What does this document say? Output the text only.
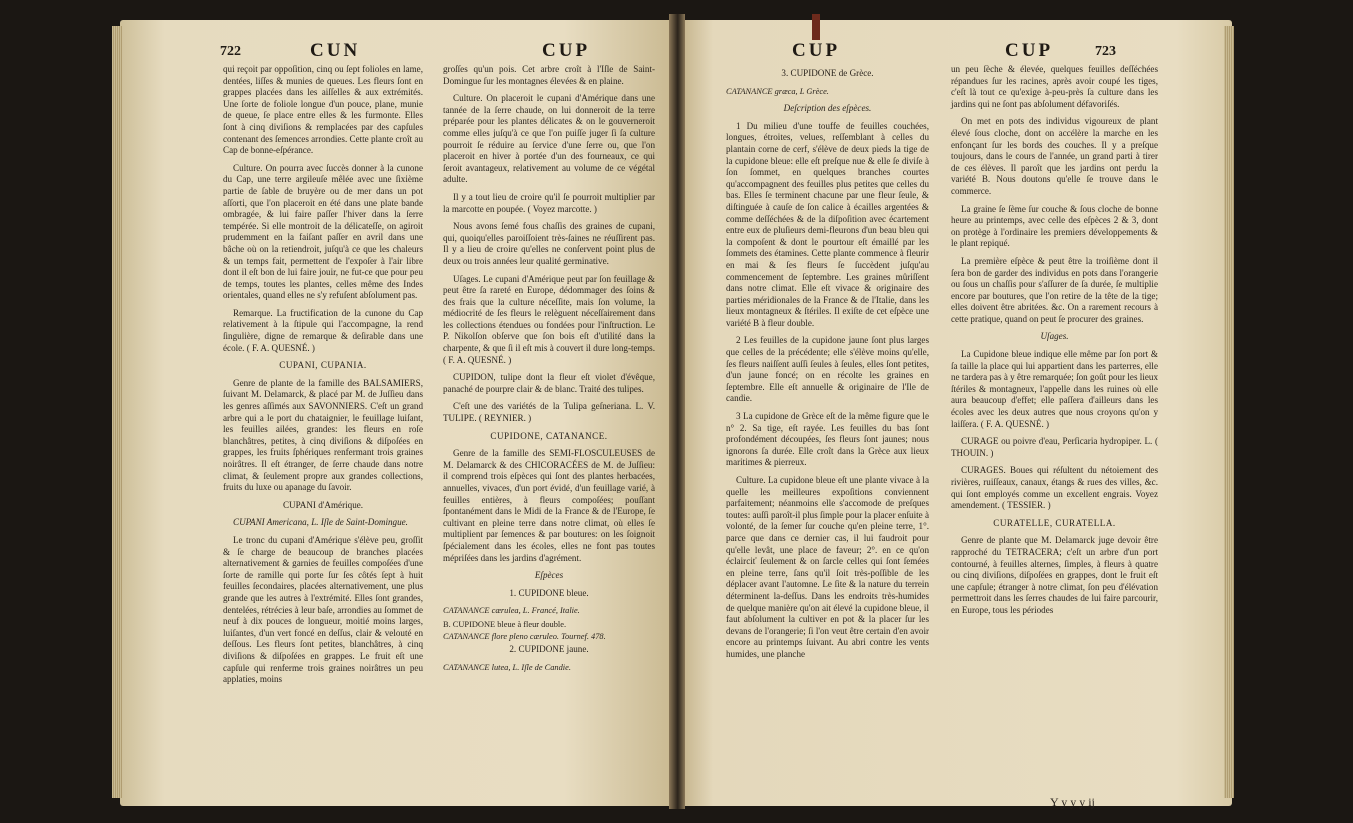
722	CUN	CUP

qui reçoit par oppoſition, cinq ou ſept folioles en lame, dentées, liſſes & munies de queues. Les fleurs ſont en grappes placées dans les aiſſelles & aux extrémités. Une ſorte de foliole longue d'un pouce, plane, munie de queue, ſe place entre elles & les furmonte. Elles ſont à cinq diviſions & remplacées par des capſules contenant des ſemences arrondies. Cette plante croît au Cap de bonne-eſpérance.

Culture. On pourra avec ſuccès donner à la cunone du Cap, une terre argileuſe mêlée avec une ſixième partie de ſable de bruyère ou de mer dans un pot aſſorti, que l'on placeroit en été dans une plate bande ombragée, & lui faire paſſer l'hiver dans la ſerre tempérée. Si elle montroit de la délicateſſe, on agiroit prudemment en la faiſant paſſer en avril dans une bâche où on la retiendroit, juſqu'à ce que les chaleurs & un temps fait, permettent de l'expoſer à l'air libre dont il eſt bon de lui faire jouir, ne fut-ce que pour peu de temps, toutes les plantes, celles même des Indes orientales, quand elles ne s'y refuſent abſolument pas.

Remarque. La fructification de la cunone du Cap relativement à la ſtipule qui l'accompagne, la rend ſingulière, digne de remarque & deſirable dans une école. ( F. A. QUESNÉ. )

CUPANI, CUPANIA.

Genre de plante de la famille des BALSAMIERS, ſuivant M. Delamarck, & placé par M. de Juſſieu dans les genres aſſimés aux SAVONNIERS. C'eſt un grand arbre qui a le port du chataignier, le feuillage luiſant, les feuilles ailées, grandes: les fleurs en roſe blanchâtres, petites, à cinq diviſions & diſpoſées en grappes, les fruits ſphériques renfermant trois graines noirâtres. Il eſt étranger, de ſerre chaude dans notre climat, & ſeulement propre aux grandes collections, fruits du luxe ou apanage du ſavoir.

CUPANI d'Amérique.

CUPANI Americana, L. Iſle de Saint-Domingue.

Le tronc du cupani d'Amérique s'élève peu, groſſit & ſe charge de beaucoup de branches placées alternativement & garnies de feuilles compoſées d'une ſorte de ramille qui porte ſur ſes côtés ſept à huit feuilles ſecondaires, placées alternativement, une plus grande que les autres à l'extrémité. Elles ſont grandes, dentelées, rétrécies à leur baſe, arrondies au ſommet de neuf à dix pouces de longueur, moitié moins larges, luiſantes, d'un vert foncé en deſſus, clair & velouté en deſſous. Les fleurs ſont petites, blanchâtres, à cinq diviſions & diſpoſées en grappes. Le fruit eſt une capſule qui renferme trois graines noirâtres un peu applaties, moins

groſſes qu'un pois. Cet arbre croît à l'Iſle de Saint-Domingue ſur les montagnes élevées & en plaine.

Culture. On placeroit le cupani d'Amérique dans une tannée de la ſerre chaude, on lui donneroit de la terre préparée pour les plantes délicates & on le gouverneroit comme elles juſqu'à ce que l'on puiſſe juger ſi ſa culture pourroit ſe réduire au ſervice d'une ſerre ou, que l'on placeroit en hiver à portée d'un des fourneaux, ce qui ſeroit avantageux, relativement au volume de ce végétal adulte.

Il y a tout lieu de croire qu'il ſe pourroit multiplier par la marcotte en poupée. ( Voyez marcotte. )

Nous avons ſemé fous chaſſis des graines de cupani, qui, quoiqu'elles paroiſſoient très-ſaines ne réuſſirent pas. Il y a lieu de croire qu'elles ne conſervent point plus de deux ou trois années leur qualité germinative.

Uſages. Le cupani d'Amérique peut par ſon feuillage & peut être ſa rareté en Europe, dédommager des ſoins & des frais que la culture néceſſite, mais ſon volume, la médiocrité de ſes fleurs le relèguent néceſſairement dans les collections étendues ou fondées pour l'inſtruction. Le P. Nikolſon obſerve que ſon bois eſt d'utilité dans la charpente, & que ſi il eſt mis à couvert il dure long-temps. ( F. A. QUESNÉ. )

CUPIDON, tulipe dont la fleur eſt violet d'évêque, panaché de pourpre clair & de blanc. Traité des tulipes.

C'eſt une des variétés de la Tulipa geſneriana. L. V. TULIPE. ( REYNIER. )

CUPIDONE, CATANANCE.

Genre de la famille des SEMI-FLOSCULEUSES de M. Delamarck & des CHICORACÉES de M. de Juſſieu: il comprend trois eſpèces qui ſont des plantes herbacées, annuelles, vivaces, d'un port évidé, d'un feuillage varié, à feuilles entières, à fleurs compoſées; pouſſant ſpontanément dans le Midi de la France & de l'Europe, ſe cultivant en pleine terre dans notre climat, où elles ſe multiplient par ſemences & par boutures: on les ſoignoit ſpécialement dans les écoles, elles ne font pas toutes mépriſées dans les jardins d'agrément.

Eſpèces
1. CUPIDONE bleue.
CATANANCE cærulea, L. Francé, Italie.
B. CUPIDONE bleue à fleur double.
CATANANCE flore pleno cæruleo. Tournef. 478.
2. CUPIDONE jaune.
CATANANCE lutea, L. Iſle de Candie.
CUP	CUP	723
3. CUPIDONE de Grèce.
CATANANCE græca, L Grèce.
Deſcription des eſpèces.

1 Du milieu d'une touffe de feuilles couchées, longues, étroites, velues, reſſemblant à celles du plantain corne de cerf, s'élève de deux pieds la tige de la cupidone bleue: elle eſt preſque nue & elle ſe diviſe à ſon ſommet, en quelques branches courtes qu'accompagnent des feuilles plus petites que celles du bas. Elles ſe terminent chacune par une fleur ſeule, & diſtinguée à cauſe de ſon calice à écailles argentées & comme deſſéchées & de la diſpoſition avec écartement entre eux de pluſieurs demi-fleurons d'un beau bleu qui la compoſent & dont le pourtour eſt émaillé par les ſommets des étamines. Cette plante commence à fleurir en mai & ſes fleurs ſe ſuccèdent juſqu'au commencement de ſeptembre. Les graines mûriſſent dans notre climat. Elle eſt vivace & originaire des parties méridionales de la France & de l'Italie, dans les lieux montagneux & ſtériles. Il exiſte de cet eſpèce une variété B à fleur double.

2 Les feuilles de la cupidone jaune ſont plus larges que celles de la précédente; elle s'élève moins qu'elle, ſes fleurs naiſſent auſſi ſeules à ſeules, elles ſont petites, d'un jaune foncé; on en récolte les graines en ſeptembre. Elle eſt annuelle & originaire de l'Ile de candie.

3 La cupidone de Grèce eſt de la même figure que le n° 2. Sa tige, eſt rayée. Les feuilles du bas ſont profondément découpées, ſes fleurs ſont jaunes; nous ignorons ſa durée. Elle croît dans la Grèce aux lieux maritimes & pierreux.

Culture. La cupidone bleue eſt une plante vivace à la quelle les meilleures expoſitions conviennent parfaitement; néanmoins elle s'accomode de preſques toutes: auſſi paroît-il plus ſimple pour la placer enſuite à volonté, de la ſemer ſur couche qu'en pleine terre, 1°. parce que dans ce dernier cas, il lui faudroit pour qu'elle levât, une place de faveur; 2°. en ce qu'on éclairciť ſeulement & on ſarcle celles qui ſont ſemées en pleine terre, ſans qu'il ſoit très-poſſible de les déplacer avant l'automne. Le ſite & la nature du terrein déterminent la-deſſus. Dans les endroits très-humides de quelque manière qu'on ait élevé la cupidone bleue, il faut abſolument la cultiver en pot & la placer ſur les devans de l'orangerie; ſi l'on veut être certain d'en avoir encore au printemps ſuivant. Au abri contre les vents humides, une planche

un peu ſèche & élevée, quelques feuilles deſſéchées répandues ſur les racines, après avoir coupé les tiges, c'eſt là tout ce qu'exige à-peu-près ſa culture dans les jardins qui ne ſont pas abſolument défavoriſés.

On met en pots des individus vigoureux de plant élevé ſous cloche, dont on accélère la marche en les enfonçant ſur les bords des couches. Il y a preſque toujours, dans le cours de l'année, un grand parti à tirer de ces élèves. Il paroît que les jardins ont perdu la variété B. Nous doutons qu'elle ſe trouve dans le commerce.

La graine ſe ſème ſur couche & ſous cloche de bonne heure au printemps, avec celle des eſpèces 2 & 3, dont on protège à l'ordinaire les premiers développements & le plant repiqué.

La première eſpèce & peut être la troiſième dont il ſera bon de garder des individus en pots dans l'orangerie ou ſous un chaſſis pour s'aſſurer de ſa durée, ſe multiplie encore par boutures, que l'on retire de la tête de la tige; elles doivent être abritées. &c. On a rarement recours à cette pratique, quand on peut ſe procurer des graines.

Uſages.

La Cupidone bleue indique elle même par ſon port & ſa taille la place qui lui appartient dans les parterres, elle ne tardera pas à y être remarquée; ſon goût pour les lieux ſtériles & montagneux, l'appelle dans les ruines où elle aura beaucoup d'effet; elle paſſera d'ailleurs dans les écoles avec les deux autres que nous croyons qu'on y laiſſera. ( F. A. QUESNÉ. )

CURAGE ou poivre d'eau, Perſicaria hydropiper. L. ( THOUIN. )

CURAGES. Boues qui réſultent du nétoiement des rivières, ruiſſeaux, canaux, étangs & rues des villes, &c. qui ſont employés comme un excellent engrais. Voyez amendement. ( TESSIER. )

CURATELLE, CURATELLA.

Genre de plante que M. Delamarck juge devoir être rapproché du TETRACERA; c'eſt un arbre d'un port contourné, à feuilles alternes, ſimples, à fleurs à quatre ou cinq diviſions, diſpoſées en grappes, dont le fruit eſt une capſule; étranger à notre climat, ſon peu d'élévation permettroit dans les ſerres chaudes de lui faire parcourir, en Europe, tous les périodes

Y y y y ij
